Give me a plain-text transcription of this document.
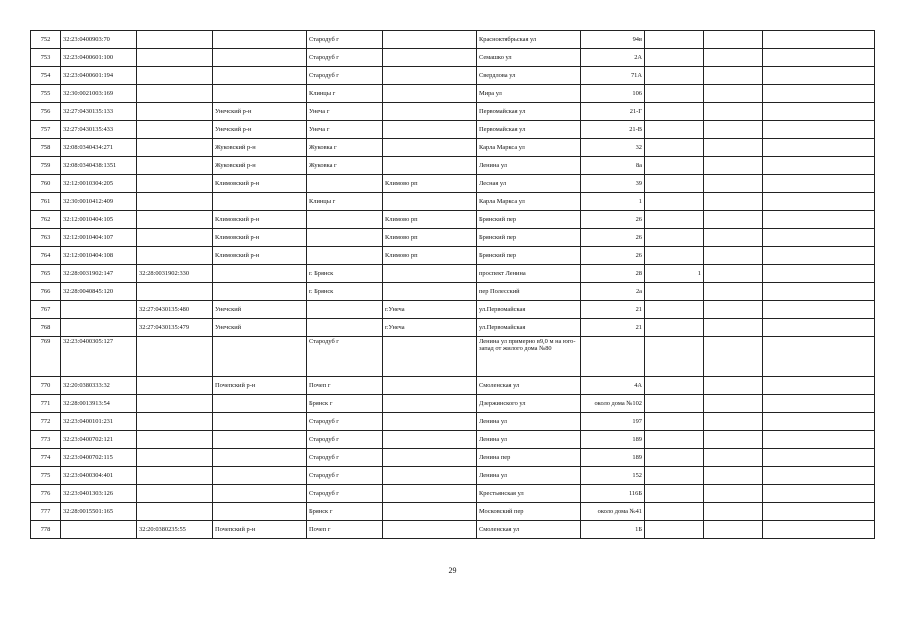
752	32:23:0400903:70			Стародуб г		Красноктябрьская ул	94в			
753	32:23:0400601:100			Стародуб г		Семашко ул	2А			
754	32:23:0400601:194			Стародуб г		Свердлова ул	71А			
755	32:30:0021003:169			Клинцы г		Мира ул	106			
756	32:27:0430135:133		Унечский р-н	Унеча г		Первомайская ул	21-Г			
757	32:27:0430135:433		Унечский р-н	Унеча г		Первомайская ул	21-В			
758	32:08:0340434:271		Жуковский р-н	Жуковка г		Карла Маркса ул	32			
759	32:08:0340438:1351		Жуковский р-н	Жуковка г		Ленина ул	8а			
760	32:12:0010304:205		Климовский р-н		Климово рп	Лесная ул	39			
761	32:30:0010412:409			Клинцы г		Карла Маркса ул	1			
762	32:12:0010404:105		Климовский р-н		Климово рп	Брянский пер	26			
763	32:12:0010404:107		Климовский р-н		Климово рп	Брянский пер	26			
764	32:12:0010404:108		Климовский р-н		Климово рп	Брянский пер	26			
765	32:28:0031902:147	32:28:0031902:330		г. Брянск		проспект Ленина	28	1		
766	32:28:0040845:120			г. Брянск		пер Полесский	2а			
767		32:27:0430135:480	Унечский		г.Унеча	ул.Первомайская	21			
768		32:27:0430135:479	Унечский		г.Унеча	ул.Первомайская	21			
769	32:23:0400305:127			Стародуб г		Ленина ул примерно в9,0 м на юго-запад от жилого дома №80				
770	32:20:0380333:32		Почепский р-н	Почеп г		Смоленская ул	4А			
771	32:28:0013913:54			Брянск г		Дзержинского ул	около дома №102			
772	32:23:0400101:231			Стародуб г		Ленина ул	197			
773	32:23:0400702:121			Стародуб г		Ленина ул	189			
774	32:23:0400702:115			Стародуб г		Ленина пер	189			
775	32:23:0400304:401			Стародуб г		Ленина ул	152			
776	32:23:0401303:126			Стародуб г		Крестьянская ул	116Б			
777	32:28:0015501:165			Брянск г		Московский пер	около дома №41			
778		32:20:0380235:55	Почепский р-н	Почеп г		Смоленская ул	1Б			
29
